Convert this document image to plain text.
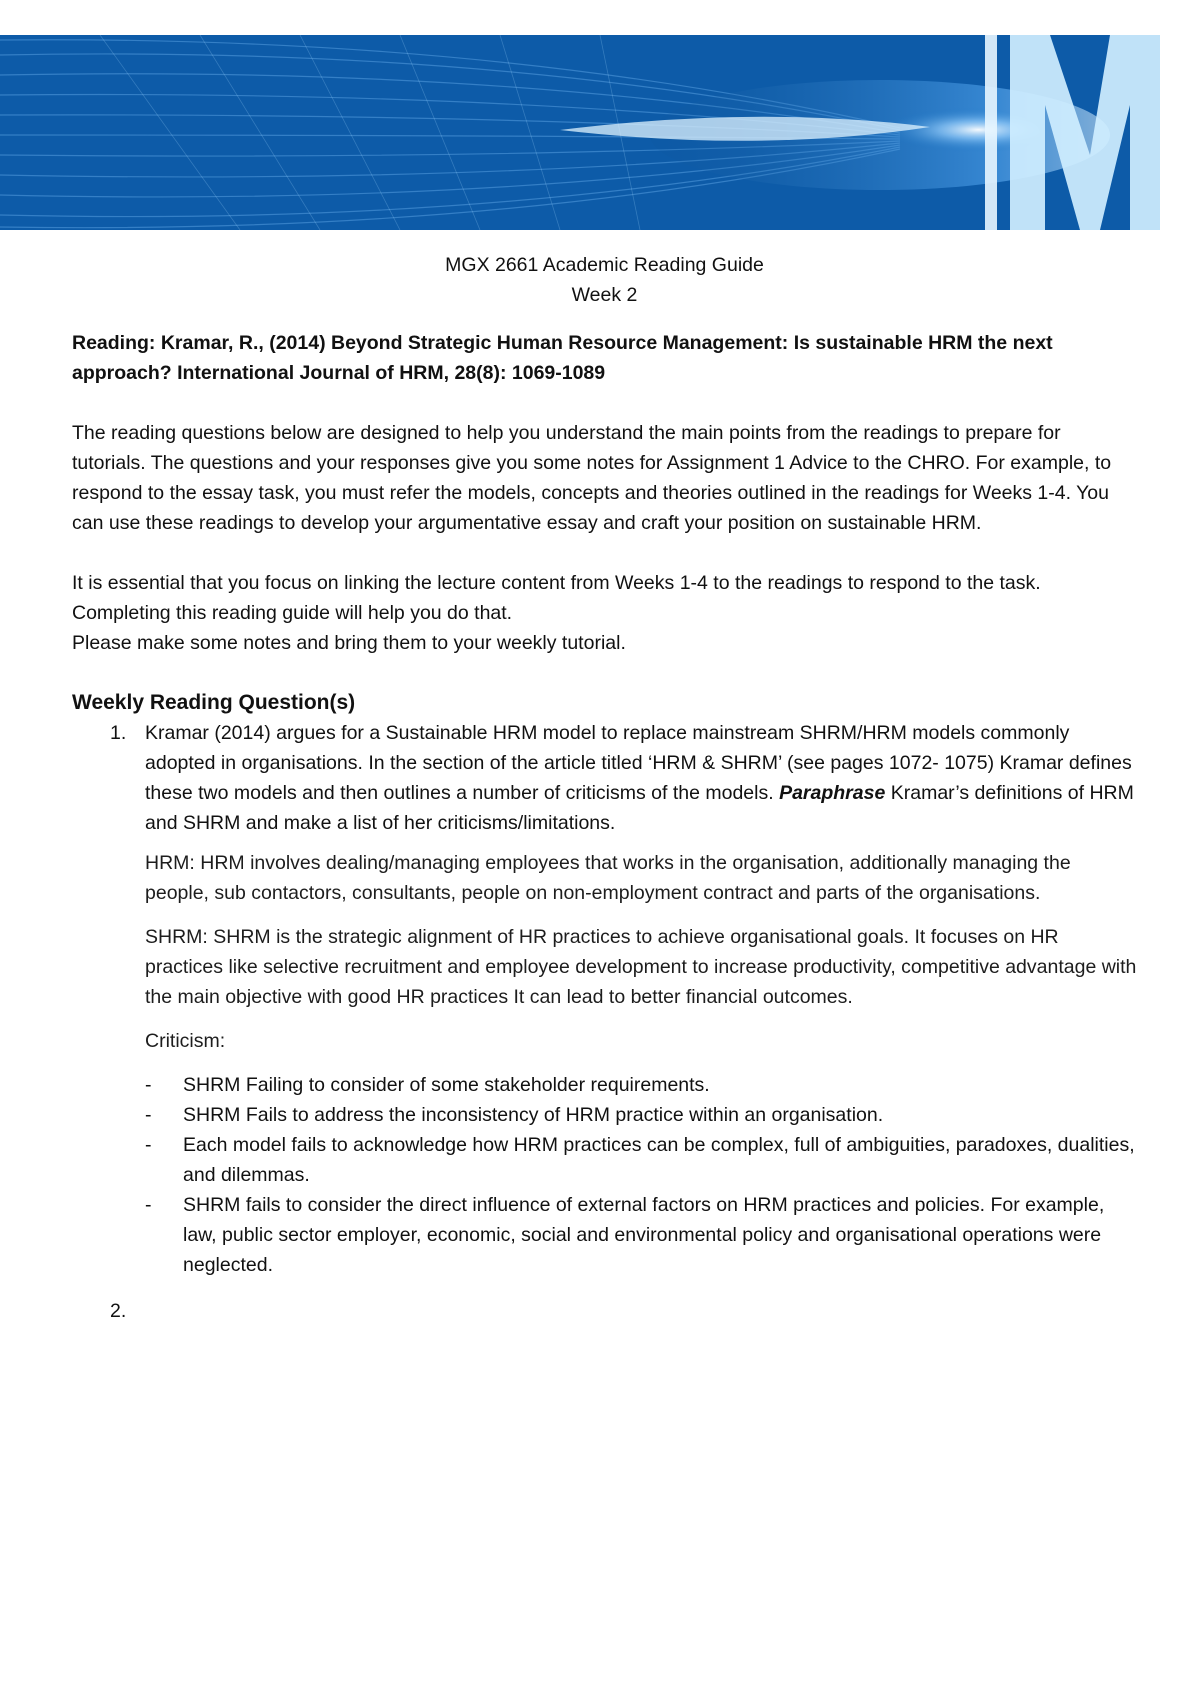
MGX 2661 Academic Reading Guide
Week 2

Reading: Kramar, R., (2014) Beyond Strategic Human Resource Management: Is sustainable HRM the next approach? International Journal of HRM, 28(8): 1069-1089

The reading questions below are designed to help you understand the main points from the readings to prepare for tutorials. The questions and your responses give you some notes for Assignment 1 Advice to the CHRO. For example, to respond to the essay task, you must refer the models, concepts and theories outlined in the readings for Weeks 1-4. You can use these readings to develop your argumentative essay and craft your position on sustainable HRM.

It is essential that you focus on linking the lecture content from Weeks 1-4 to the readings to respond to the task. Completing this reading guide will help you do that.

Please make some notes and bring them to your weekly tutorial.

Weekly Reading Question(s)
1. Kramar (2014) argues for a Sustainable HRM model to replace mainstream SHRM/HRM models commonly adopted in organisations. In the section of the article titled ‘HRM & SHRM’ (see pages 1072- 1075) Kramar defines these two models and then outlines a number of criticisms of the models. Paraphrase Kramar’s definitions of HRM and SHRM and make a list of her criticisms/limitations.

HRM: HRM involves dealing/managing employees that works in the organisation, additionally managing the people, sub contactors, consultants, people on non-employment contract and parts of the organisations.

SHRM: SHRM is the strategic alignment of HR practices to achieve organisational goals. It focuses on HR practices like selective recruitment and employee development to increase productivity, competitive advantage with the main objective with good HR practices It can lead to better financial outcomes.

Criticism:

- SHRM Failing to consider of some stakeholder requirements.
- SHRM Fails to address the inconsistency of HRM practice within an organisation.
- Each model fails to acknowledge how HRM practices can be complex, full of ambiguities, paradoxes, dualities, and dilemmas.
- SHRM fails to consider the direct influence of external factors on HRM practices and policies. For example, law, public sector employer, economic, social and environmental policy and organisational operations were neglected.
2.
